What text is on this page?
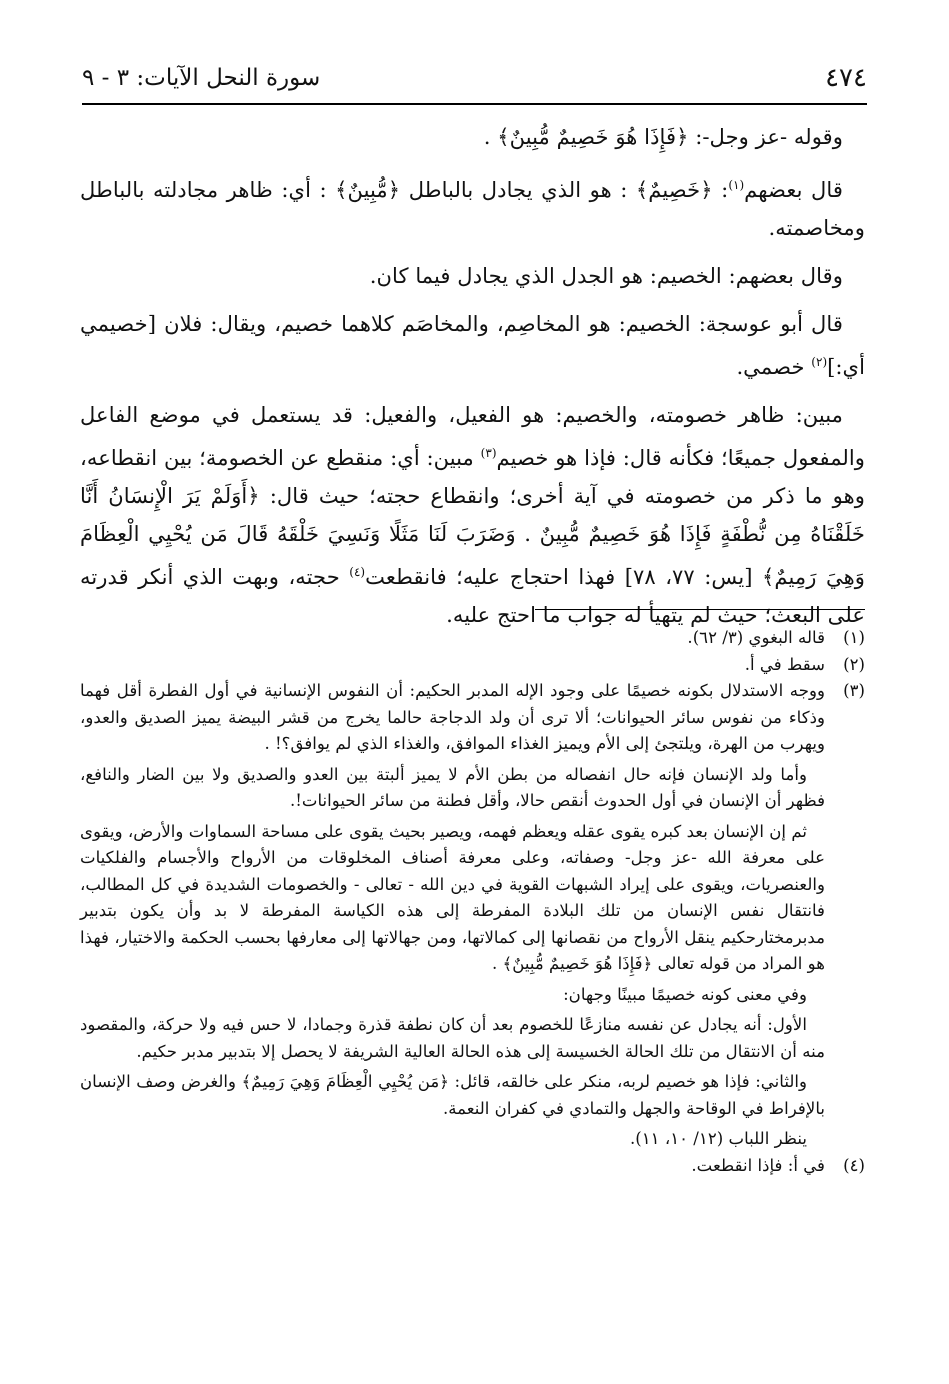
٤٧٤
سورة النحل الآيات: ٣ - ٩

وقوله -عز وجل-: ﴿فَإِذَا هُوَ خَصِيمٌ مُّبِينٌ﴾ .

قال بعضهم$^{(١)}$: ﴿خَصِيمٌ﴾ : هو الذي يجادل بالباطل ﴿مُّبِينٌ﴾ : أي: ظاهر مجادلته بالباطل ومخاصمته.

وقال بعضهم: الخصيم: هو الجدل الذي يجادل فيما كان.

قال أبو عوسجة: الخصيم: هو المخاصِم، والمخاصَم كلاهما خصيم، ويقال: فلان [خصيمي أي:]$^{(٢)}$ خصمي.

مبين: ظاهر خصومته، والخصيم: هو الفعيل، والفعيل: قد يستعمل في موضع الفاعل والمفعول جميعًا؛ فكأنه قال: فإذا هو خصيم$^{(٣)}$ مبين: أي: منقطع عن الخصومة؛ بين انقطاعه، وهو ما ذكر من خصومته في آية أخرى؛ وانقطاع حجته؛ حيث قال: ﴿أَوَلَمْ يَرَ الْإِنسَانُ أَنَّا خَلَقْنَاهُ مِن نُّطْفَةٍ فَإِذَا هُوَ خَصِيمٌ مُّبِينٌ . وَضَرَبَ لَنَا مَثَلًا وَنَسِيَ خَلْقَهُ قَالَ مَن يُحْيِي الْعِظَامَ وَهِيَ رَمِيمٌ﴾ [يس: ٧٧، ٧٨] فهذا احتجاج عليه؛ فانقطعت$^{(٤)}$ حجته، وبهت الذي أنكر قدرته على البعث؛ حيث لم يتهيأ له جواب ما احتج عليه.

(١)

قاله البغوي (٣/ ٦٢).

(٢)

سقط في أ.

(٣)

ووجه الاستدلال بكونه خصيمًا على وجود الإله المدبر الحكيم: أن النفوس الإنسانية في أول الفطرة أقل فهما وذكاء من نفوس سائر الحيوانات؛ ألا ترى أن ولد الدجاجة حالما يخرج من قشر البيضة يميز الصديق والعدو، ويهرب من الهرة، ويلتجئ إلى الأم ويميز الغذاء الموافق، والغذاء الذي لم يوافق؟! .

وأما ولد الإنسان فإنه حال انفصاله من بطن الأم لا يميز ألبتة بين العدو والصديق ولا بين الضار والنافع، فظهر أن الإنسان في أول الحدوث أنقص حالا، وأقل فطنة من سائر الحيوانات!.

ثم إن الإنسان بعد كبره يقوى عقله ويعظم فهمه، ويصير بحيث يقوى على مساحة السماوات والأرض، ويقوى على معرفة الله -عز وجل- وصفاته، وعلى معرفة أصناف المخلوقات من الأرواح والأجسام والفلكيات والعنصريات، ويقوى على إيراد الشبهات القوية في دين الله - تعالى - والخصومات الشديدة في كل المطالب، فانتقال نفس الإنسان من تلك البلادة المفرطة إلى هذه الكياسة المفرطة لا بد وأن يكون بتدبير مدبرمختارحكيم ينقل الأرواح من نقصانها إلى كمالاتها، ومن جهالاتها إلى معارفها بحسب الحكمة والاختيار، فهذا هو المراد من قوله تعالى ﴿فَإِذَا هُوَ خَصِيمٌ مُّبِينٌ﴾ .

وفي معنى كونه خصيمًا مبينًا وجهان:

الأول: أنه يجادل عن نفسه منازعًا للخصوم بعد أن كان نطفة قذرة وجمادا، لا حس فيه ولا حركة، والمقصود منه أن الانتقال من تلك الحالة الخسيسة إلى هذه الحالة العالية الشريفة لا يحصل إلا بتدبير مدبر حكيم.

والثاني: فإذا هو خصيم لربه، منكر على خالقه، قائل: ﴿مَن يُحْيِي الْعِظَامَ وَهِيَ رَمِيمٌ﴾ والغرض وصف الإنسان بالإفراط في الوقاحة والجهل والتمادي في كفران النعمة.

ينظر اللباب (١٢/ ١٠، ١١).

(٤)

في أ: فإذا انقطعت.
